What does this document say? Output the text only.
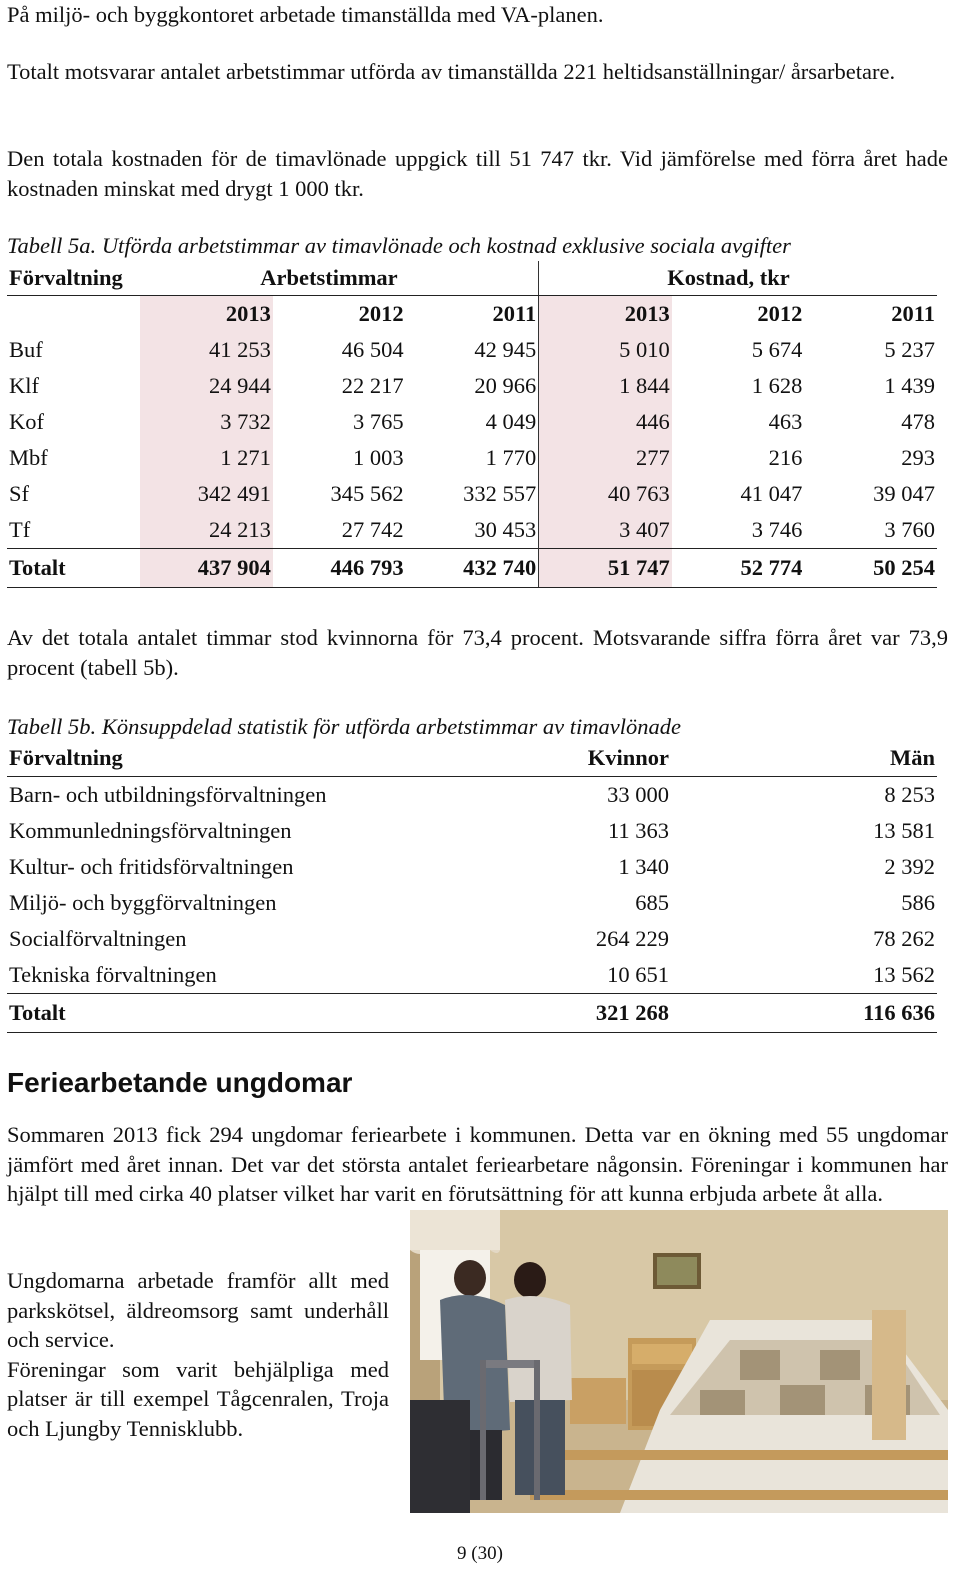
På miljö- och byggkontoret arbetade timanställda med VA-planen.

Totalt motsvarar antalet arbetstimmar utförda av timanställda 221 heltidsanställningar/ årsarbetare.

Den totala kostnaden för de timavlönade uppgick till 51 747 tkr. Vid jämförelse med förra året hade kostnaden minskat med drygt 1 000 tkr.

Tabell 5a. Utförda arbetstimmar av timavlönade och kostnad exklusive sociala avgifter

Förvaltning	Arbetstimmar			Kostnad, tkr		
	2013	2012	2011	2013	2012	2011
Buf	41 253	46 504	42 945	5 010	5 674	5 237
Klf	24 944	22 217	20 966	1 844	1 628	1 439
Kof	3 732	3 765	4 049	446	463	478
Mbf	1 271	1 003	1 770	277	216	293
Sf	342 491	345 562	332 557	40 763	41 047	39 047
Tf	24 213	27 742	30 453	3 407	3 746	3 760
Totalt	437 904	446 793	432 740	51 747	52 774	50 254

Av det totala antalet timmar stod kvinnorna för 73,4 procent. Motsvarande siffra förra året var 73,9 procent (tabell 5b).

Tabell 5b. Könsuppdelad statistik för utförda arbetstimmar av timavlönade

Förvaltning	Kvinnor	Män
Barn- och utbildningsförvaltningen	33 000	8 253
Kommunledningsförvaltningen	11 363	13 581
Kultur- och fritidsförvaltningen	1 340	2 392
Miljö- och byggförvaltningen	685	586
Socialförvaltningen	264 229	78 262
Tekniska förvaltningen	10 651	13 562
Totalt	321 268	116 636
Feriearbetande ungdomar

Sommaren 2013 fick 294 ungdomar feriearbete i kommunen. Detta var en ökning med 55 ungdomar jämfört med året innan. Det var det största antalet feriearbetare någonsin. Föreningar i kommunen har hjälpt till med cirka 40 platser vilket har varit en förutsättning för att kunna erbjuda arbete åt alla.

Ungdomarna arbetade framför allt med parkskötsel, äldreomsorg samt underhåll och service.

Föreningar som varit behjälpliga med platser är till exempel Tågcenralen, Troja och Ljungby Tennisklubb.

9 (30)
